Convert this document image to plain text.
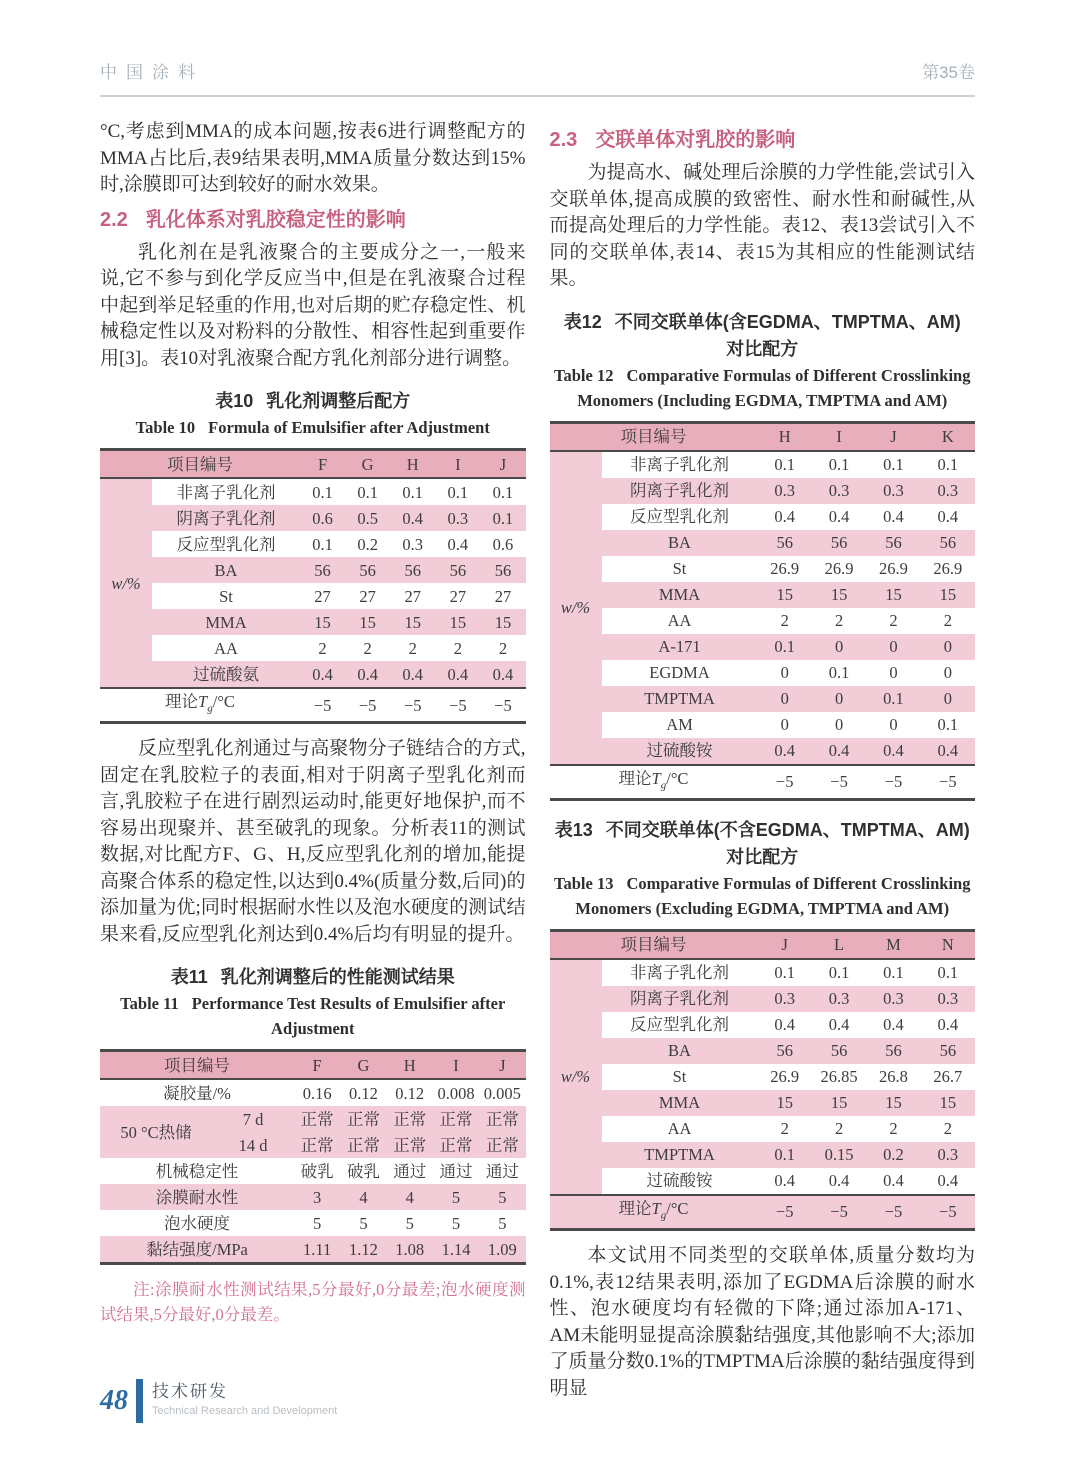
中国涂料	第35卷

°C,考虑到MMA的成本问题,按表6进行调整配方的MMA占比后,表9结果表明,MMA质量分数达到15%时,涂膜即可达到较好的耐水效果。

2.2 乳化体系对乳胶稳定性的影响

乳化剂在是乳液聚合的主要成分之一,一般来说,它不参与到化学反应当中,但是在乳液聚合过程中起到举足轻重的作用,也对后期的贮存稳定性、机械稳定性以及对粉料的分散性、相容性起到重要作用[3]。表10对乳液聚合配方乳化剂部分进行调整。

表10 乳化剂调整后配方
Table 10 Formula of Emulsifier after Adjustment
项目编号		F	G	H	I	J
w/%	非离子乳化剂	0.1	0.1	0.1	0.1	0.1
	阴离子乳化剂	0.6	0.5	0.4	0.3	0.1
	反应型乳化剂	0.1	0.2	0.3	0.4	0.6
	BA	56	56	56	56	56
	St	27	27	27	27	27
	MMA	15	15	15	15	15
	AA	2	2	2	2	2
	过硫酸氨	0.4	0.4	0.4	0.4	0.4
理论$T_g/^\circ C$		−5	−5	−5	−5	−5

反应型乳化剂通过与高聚物分子链结合的方式,固定在乳胶粒子的表面,相对于阴离子型乳化剂而言,乳胶粒子在进行剧烈运动时,能更好地保护,而不容易出现聚并、甚至破乳的现象。分析表11的测试数据,对比配方F、G、H,反应型乳化剂的增加,能提高聚合体系的稳定性,以达到0.4%(质量分数,后同)的添加量为优;同时根据耐水性以及泡水硬度的测试结果来看,反应型乳化剂达到0.4%后均有明显的提升。

表11 乳化剂调整后的性能测试结果
Table 11 Performance Test Results of Emulsifier after Adjustment
项目编号		F	G	H	I	J
凝胶量/%		0.16	0.12	0.12	0.008	0.005
50 °C热储	7 d	正常	正常	正常	正常	正常
	14 d	正常	正常	正常	正常	正常
机械稳定性		破乳	破乳	通过	通过	通过
涂膜耐水性		3	4	4	5	5
泡水硬度		5	5	5	5	5
黏结强度/MPa		1.11	1.12	1.08	1.14	1.09

注:涂膜耐水性测试结果,5分最好,0分最差;泡水硬度测试结果,5分最好,0分最差。

2.3 交联单体对乳胶的影响

为提高水、碱处理后涂膜的力学性能,尝试引入交联单体,提高成膜的致密性、耐水性和耐碱性,从而提高处理后的力学性能。表12、表13尝试引入不同的交联单体,表14、表15为其相应的性能测试结果。

表12 不同交联单体(含EGDMA、TMPTMA、AM)
对比配方
Table 12 Comparative Formulas of Different Crosslinking Monomers (Including EGDMA, TMPTMA and AM)
项目编号		H	I	J	K
w/%	非离子乳化剂	0.1	0.1	0.1	0.1
	阴离子乳化剂	0.3	0.3	0.3	0.3
	反应型乳化剂	0.4	0.4	0.4	0.4
	BA	56	56	56	56
	St	26.9	26.9	26.9	26.9
	MMA	15	15	15	15
	AA	2	2	2	2
	A-171	0.1	0	0	0
	EGDMA	0	0.1	0	0
	TMPTMA	0	0	0.1	0
	AM	0	0	0	0.1
	过硫酸铵	0.4	0.4	0.4	0.4
理论$T_g/^\circ C$		−5	−5	−5	−5
表13 不同交联单体(不含EGDMA、TMPTMA、AM)
对比配方
Table 13 Comparative Formulas of Different Crosslinking Monomers (Excluding EGDMA, TMPTMA and AM)
项目编号		J	L	M	N
w/%	非离子乳化剂	0.1	0.1	0.1	0.1
	阴离子乳化剂	0.3	0.3	0.3	0.3
	反应型乳化剂	0.4	0.4	0.4	0.4
	BA	56	56	56	56
	St	26.9	26.85	26.8	26.7
	MMA	15	15	15	15
	AA	2	2	2	2
	TMPTMA	0.1	0.15	0.2	0.3
	过硫酸铵	0.4	0.4	0.4	0.4
理论$T_g/^\circ C$		−5	−5	−5	−5

本文试用不同类型的交联单体,质量分数均为0.1%,表12结果表明,添加了EGDMA后涂膜的耐水性、泡水硬度均有轻微的下降;通过添加A-171、AM未能明显提高涂膜黏结强度,其他影响不大;添加了质量分数0.1%的TMPTMA后涂膜的黏结强度得到明显

48 技术研发
Technical Research and Development
